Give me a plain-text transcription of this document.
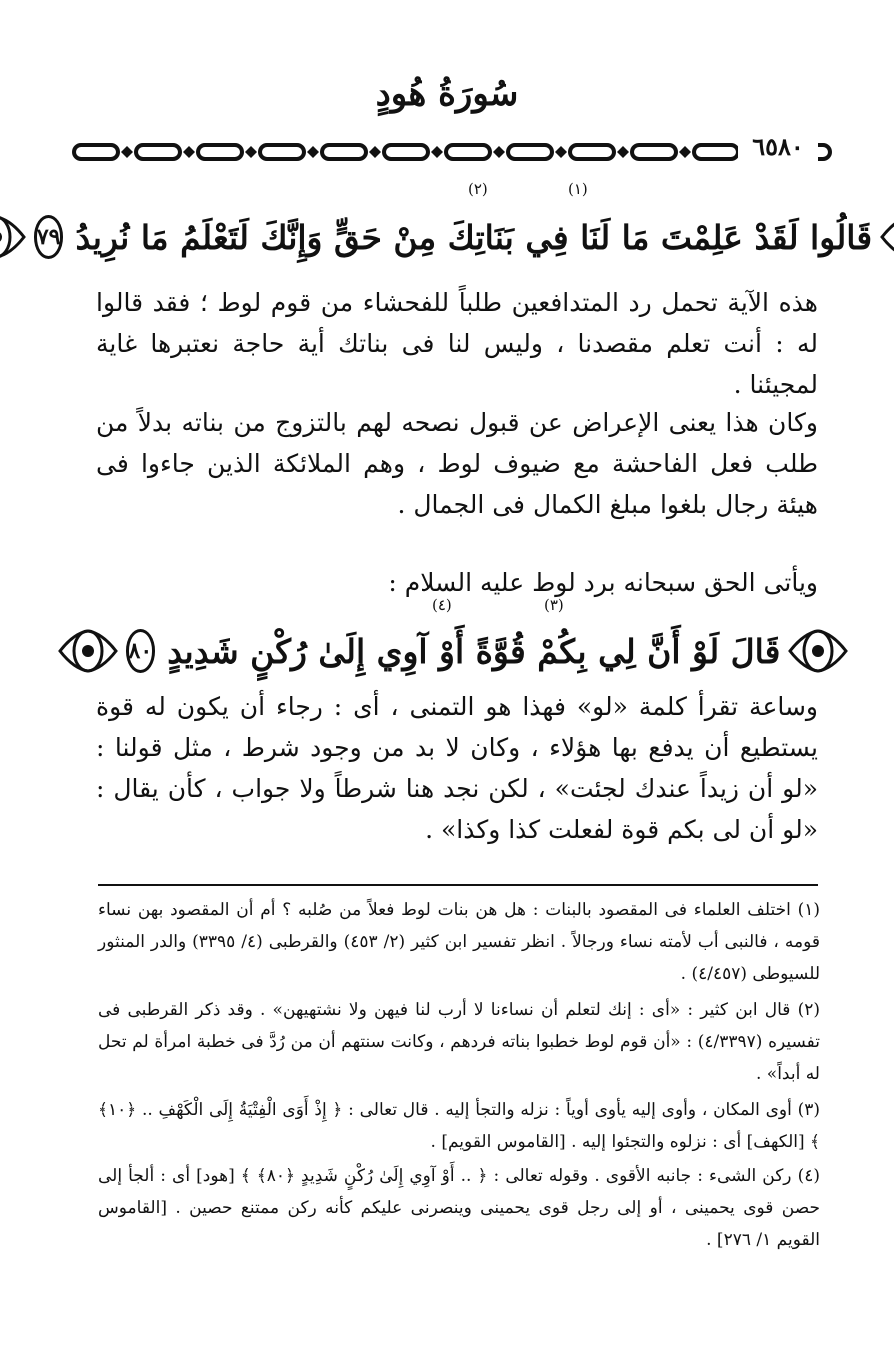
سُورَةُ هُودٍ
٦٥٨٠
(١)
(٢)
قَالُوا لَقَدْ عَلِمْتَ مَا لَنَا فِي بَنَاتِكَ مِنْ حَقٍّ وَإِنَّكَ لَتَعْلَمُ مَا نُرِيدُ
٧٩

هذه الآية تحمل رد المتدافعين طلباً للفحشاء من قوم لوط ؛ فقد قالوا له : أنت تعلم مقصدنا ، وليس لنا فى بناتك أية حاجة نعتبرها غاية لمجيئنا .

وكان هذا يعنى الإعراض عن قبول نصحه لهم بالتزوج من بناته بدلاً من طلب فعل الفاحشة مع ضيوف لوط ، وهم الملائكة الذين جاءوا فى هيئة رجال بلغوا مبلغ الكمال فى الجمال .

ويأتى الحق سبحانه برد لوط عليه السلام :

(٣)
(٤)
قَالَ لَوْ أَنَّ لِي بِكُمْ قُوَّةً أَوْ آوِي إِلَىٰ رُكْنٍ شَدِيدٍ
٨٠

وساعة تقرأ كلمة «لو» فهذا هو التمنى ، أى : رجاء أن يكون له قوة يستطيع أن يدفع بها هؤلاء ، وكان لا بد من وجود شرط ، مثل قولنا : «لو أن زيداً عندك لجئت» ، لكن نجد هنا شرطاً ولا جواب ، كأن يقال : «لو أن لى بكم قوة لفعلت كذا وكذا» .

(١) اختلف العلماء فى المقصود بالبنات : هل هن بنات لوط فعلاً من صُلبه ؟ أم أن المقصود بهن نساء قومه ، فالنبى أب لأمته نساء ورجالاً . انظر تفسير ابن كثير (٢/ ٤٥٣) والقرطبى (٤/ ٣٣٩٥) والدر المنثور للسيوطى (٤/٤٥٧) .

(٢) قال ابن كثير : «أى : إنك لتعلم أن نساءنا لا أرب لنا فيهن ولا نشتهيهن» . وقد ذكر القرطبى فى تفسيره (٤/٣٣٩٧) : «أن قوم لوط خطبوا بناته فردهم ، وكانت سنتهم أن من رُدَّ فى خطبة امرأة لم تحل له أبداً» .

(٣) أوى المكان ، وأوى إليه يأوى أوياً : نزله والتجأ إليه . قال تعالى : ﴿ إِذْ أَوَى الْفِتْيَةُ إِلَى الْكَهْفِ .. ﴿١٠﴾ ﴾ [الكهف] أى : نزلوه والتجئوا إليه . [القاموس القويم] .

(٤) ركن الشىء : جانبه الأقوى . وقوله تعالى : ﴿ .. أَوْ آوِي إِلَىٰ رُكْنٍ شَدِيدٍ ﴿٨٠﴾ ﴾ [هود] أى : ألجأ إلى حصن قوى يحمينى ، أو إلى رجل قوى يحمينى وينصرنى عليكم كأنه ركن ممتنع حصين . [القاموس القويم ١/ ٢٧٦] .
